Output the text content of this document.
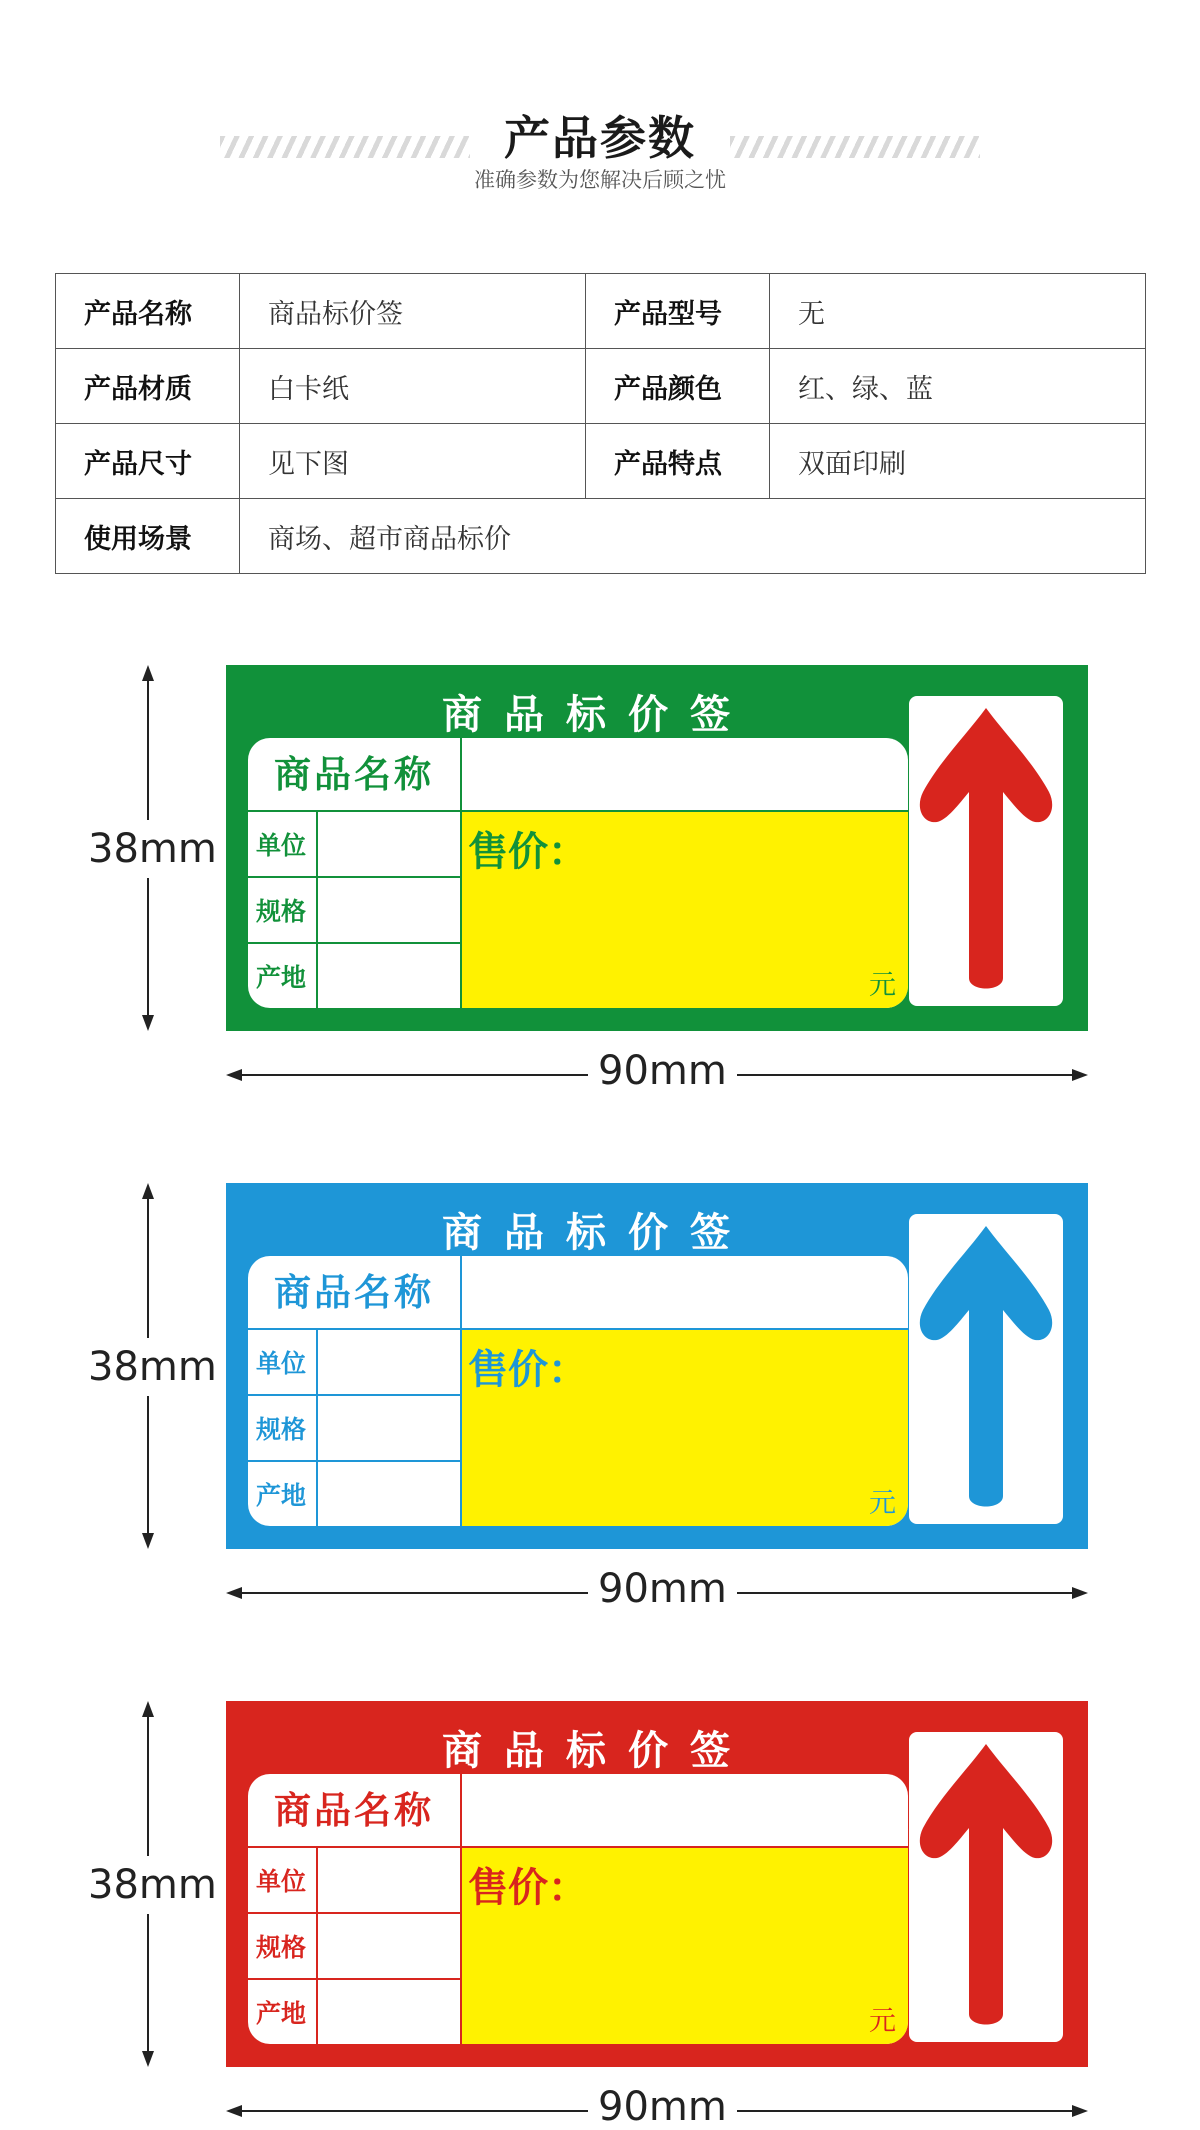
产品参数
准确参数为您解决后顾之忧
产品名称	商品标价签	产品型号	无
产品材质	白卡纸	产品颜色	红、绿、蓝
产品尺寸	见下图	产品特点	双面印刷
使用场景	商场、超市商品标价		
38mm
90mm
商品标价签
售价：
元
商品名称
单位
规格
产地
38mm
90mm
商品标价签
售价：
元
商品名称
单位
规格
产地
38mm
90mm
商品标价签
售价：
元
商品名称
单位
规格
产地
